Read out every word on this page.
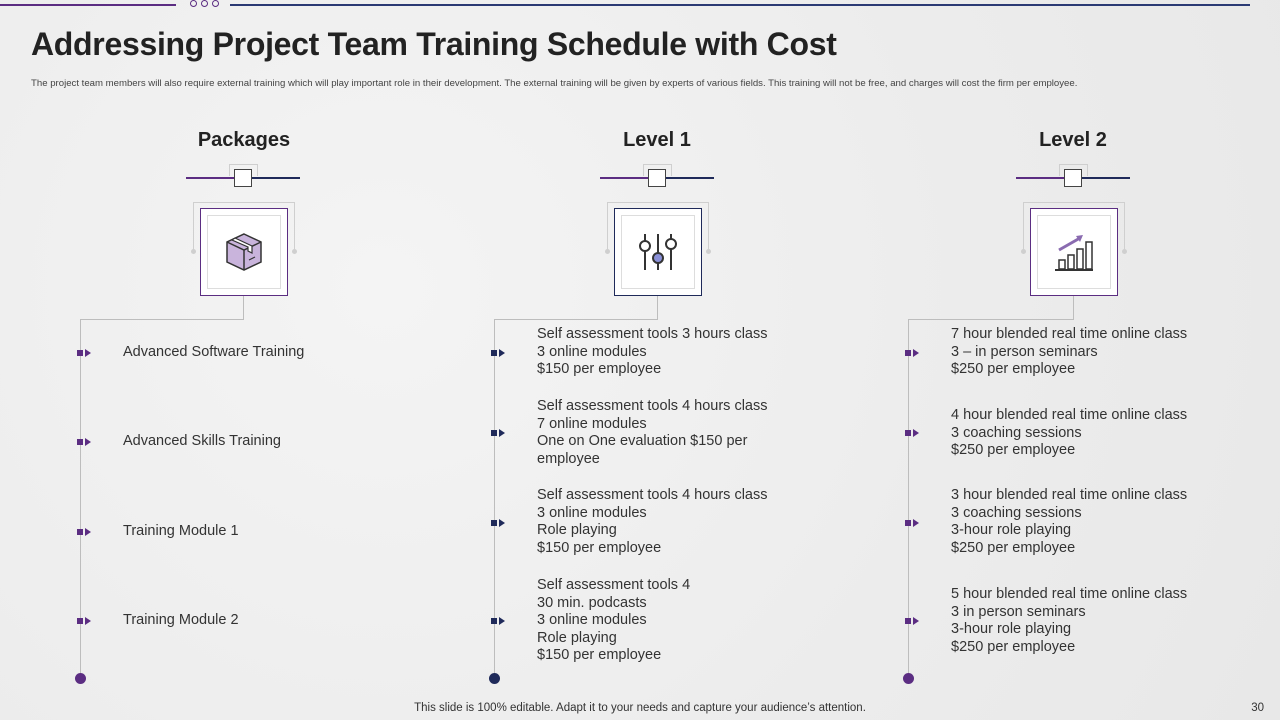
Addressing Project Team Training Schedule with Cost
The project team members will also require external training which will play important role in their development. The external training will be given by experts of various fields. This training will not be free, and charges will cost the firm per employee.
Packages
Advanced Software Training
Advanced Skills Training
Training Module 1
Training Module 2
Level 1
Self assessment tools 3 hours class
3 online modules
$150 per employee
Self assessment tools 4 hours class
7 online modules
One on One evaluation $150 per
employee
Self assessment tools 4 hours class
3 online modules
Role playing
$150 per employee
Self assessment tools 4
30 min. podcasts
3 online modules
Role playing
$150 per employee
Level 2
7 hour blended real time online class
3 – in person seminars
$250 per employee
4 hour blended real time online class
3 coaching sessions
$250 per employee
3 hour blended real time online class
3 coaching sessions
3-hour role playing
$250 per employee
5 hour blended real time online class
3 in person seminars
3-hour role playing
$250 per employee
This slide is 100% editable. Adapt it to your needs and capture your audience’s attention.	30
